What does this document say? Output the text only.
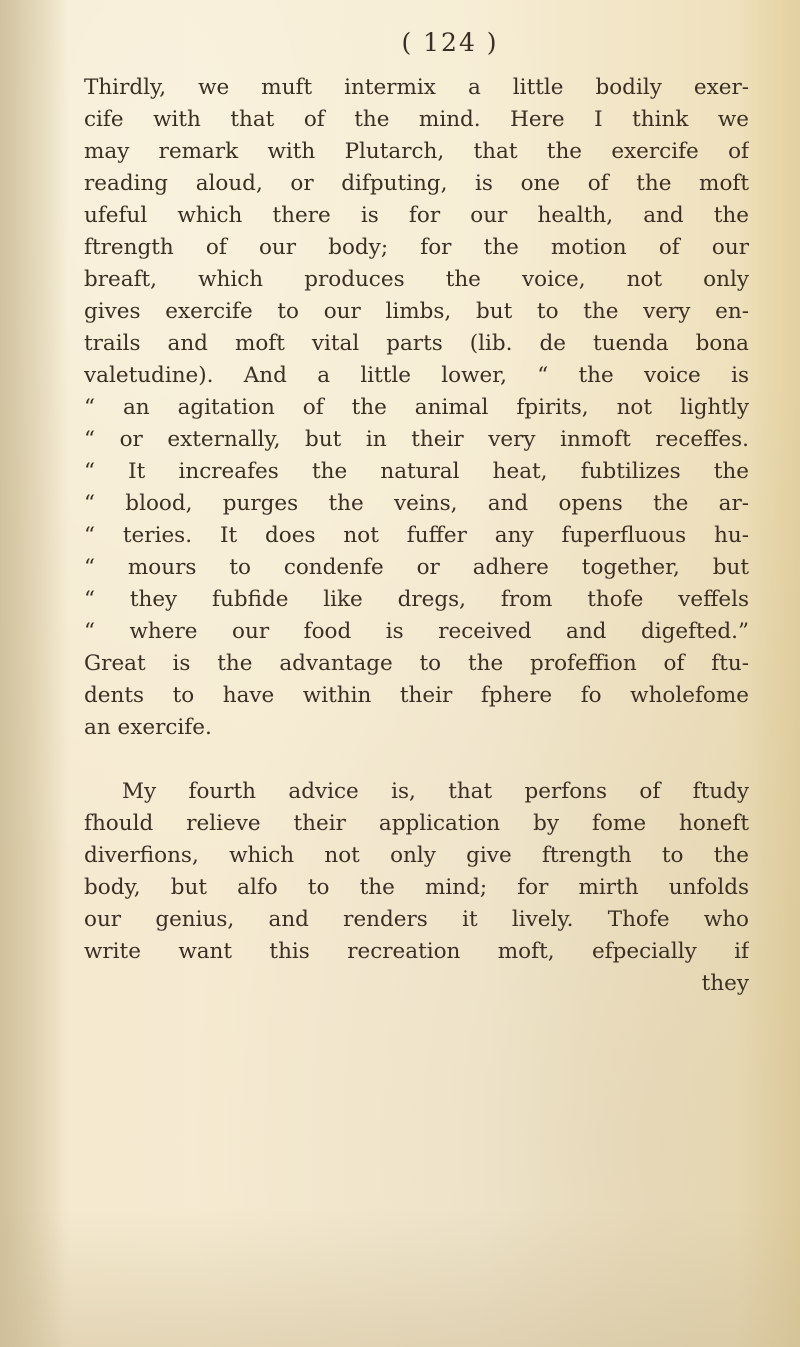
( 124 )
Thirdly, we muft intermix a little bodily exer-
cife with that of the mind. Here I think we
may remark with Plutarch, that the exercife of
reading aloud, or difputing, is one of the moft
ufeful which there is for our health, and the
ftrength of our body; for the motion of our
breaft, which produces the voice, not only
gives exercife to our limbs, but to the very en-
trails and moft vital parts (lib. de tuenda bona
valetudine). And a little lower, “ the voice is
“ an agitation of the animal fpirits, not lightly
“ or externally, but in their very inmoft receffes.
“ It increafes the natural heat, fubtilizes the
“ blood, purges the veins, and opens the ar-
“ teries. It does not fuffer any fuperfluous hu-
“ mours to condenfe or adhere together, but
“ they fubfide like dregs, from thofe veffels
“ where our food is received and digefted.”
Great is the advantage to the profeffion of ftu-
dents to have within their fphere fo wholefome
an exercife.
My fourth advice is, that perfons of ftudy
fhould relieve their application by fome honeft
diverfions, which not only give ftrength to the
body, but alfo to the mind; for mirth unfolds
our genius, and renders it lively. Thofe who
write want this recreation moft, efpecially if
they
